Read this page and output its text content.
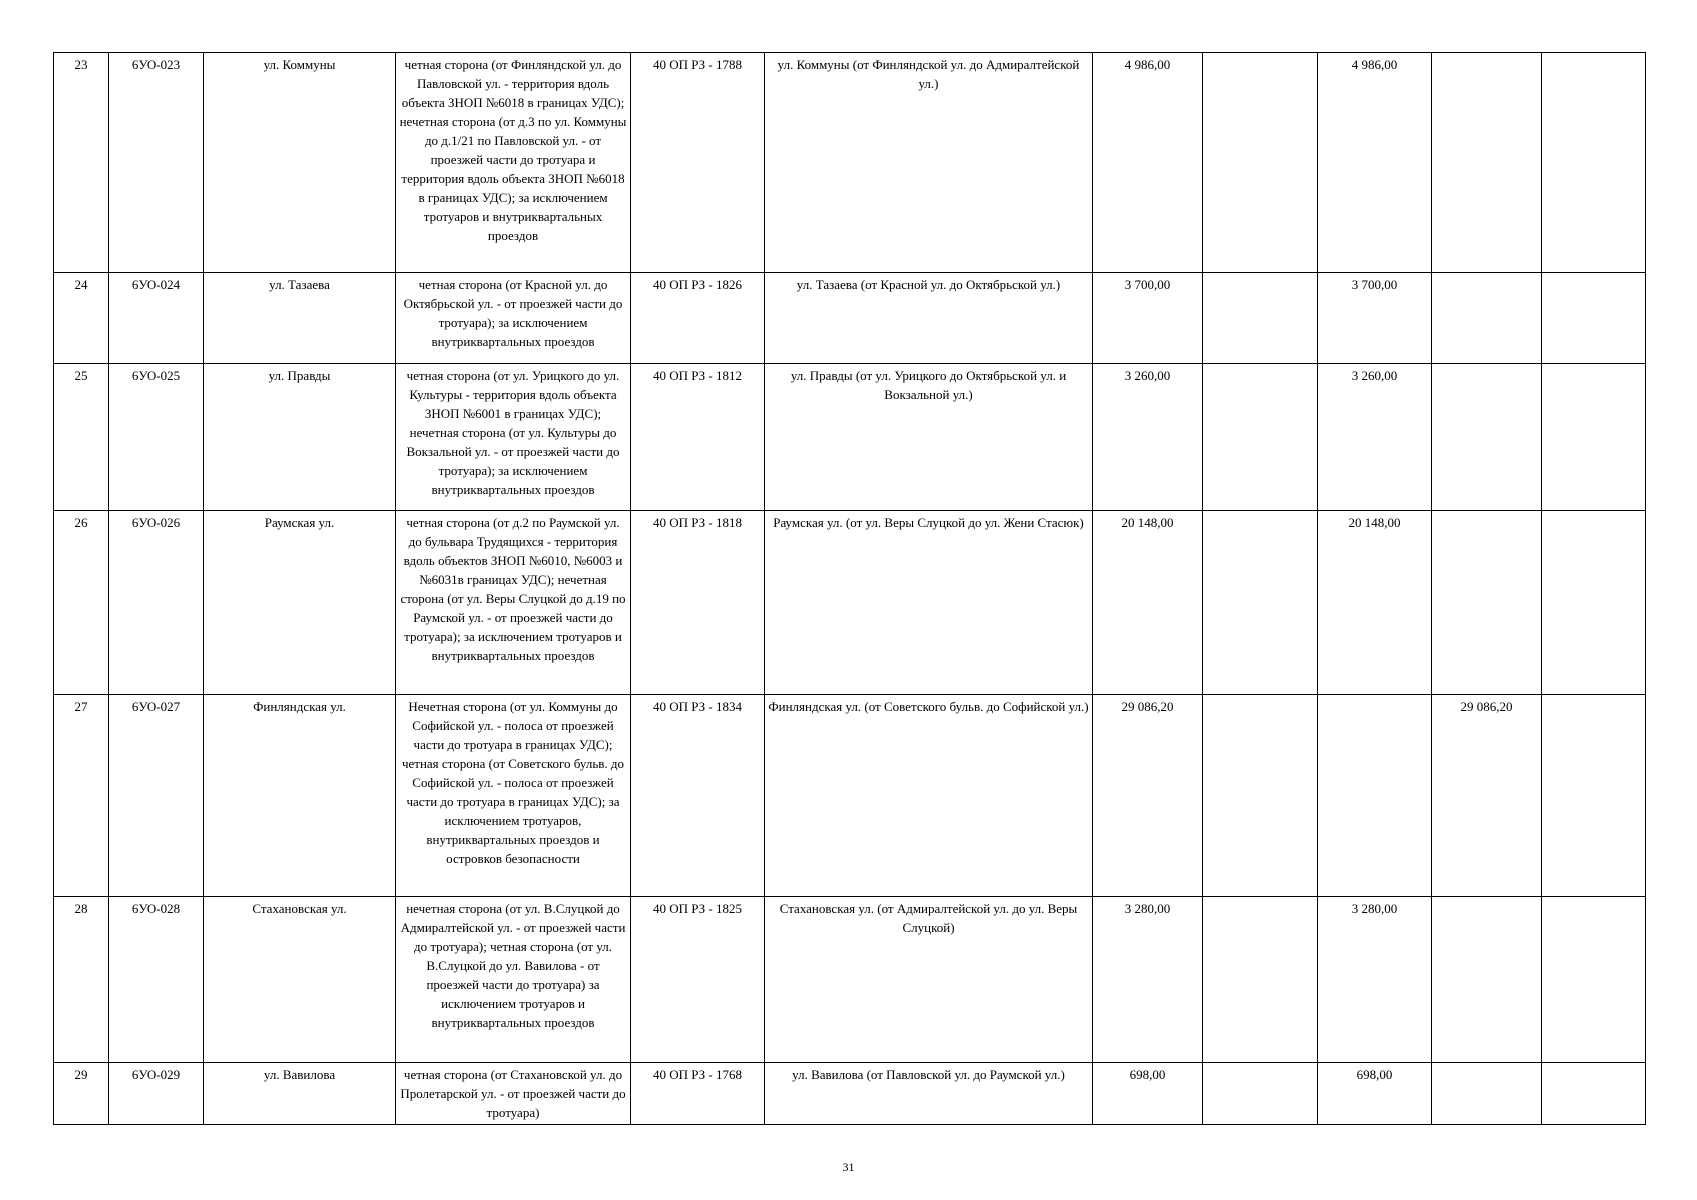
23	6УО-023	ул. Коммуны	четная сторона (от Финляндской ул. до Павловской ул. - территория вдоль объекта ЗНОП №6018 в границах УДС); нечетная сторона (от д.3 по ул. Коммуны до д.1/21 по Павловской ул. - от проезжей части до тротуара и территория вдоль объекта ЗНОП №6018 в границах УДС); за исключением тротуаров и внутриквартальных проездов	40 ОП РЗ - 1788	ул. Коммуны (от Финляндской ул. до Адмиралтейской ул.)	4 986,00		4 986,00		
24	6УО-024	ул. Тазаева	четная сторона (от Красной ул. до Октябрьской ул. - от проезжей части до тротуара); за исключением внутриквартальных проездов	40 ОП РЗ - 1826	ул. Тазаева (от Красной ул. до Октябрьской ул.)	3 700,00		3 700,00		
25	6УО-025	ул. Правды	четная сторона (от ул. Урицкого до ул. Культуры - территория вдоль объекта ЗНОП №6001 в границах УДС); нечетная сторона (от ул. Культуры до Вокзальной ул. - от проезжей части до тротуара); за исключением внутриквартальных проездов	40 ОП РЗ - 1812	ул. Правды (от ул. Урицкого до Октябрьской ул. и Вокзальной ул.)	3 260,00		3 260,00		
26	6УО-026	Раумская ул.	четная сторона (от д.2 по Раумской ул. до бульвара Трудящихся - территория вдоль объектов ЗНОП №6010, №6003 и №6031в границах УДС); нечетная сторона (от ул. Веры Слуцкой до д.19 по Раумской ул. - от проезжей части до тротуара); за исключением тротуаров и внутриквартальных проездов	40 ОП РЗ - 1818	Раумская ул. (от ул. Веры Слуцкой до ул. Жени Стасюк)	20 148,00		20 148,00		
27	6УО-027	Финляндская ул.	Нечетная сторона (от ул. Коммуны до Софийской ул. - полоса от проезжей части до тротуара в границах УДС); четная сторона (от Советского бульв. до Софийской ул. - полоса от проезжей части до тротуара в границах УДС); за исключением тротуаров, внутриквартальных проездов и островков безопасности	40 ОП РЗ - 1834	Финляндская ул. (от Советского бульв. до Софийской ул.)	29 086,20			29 086,20	
28	6УО-028	Стахановская ул.	нечетная сторона (от ул. В.Слуцкой до Адмиралтейской ул. - от проезжей части до тротуара); четная сторона (от ул. В.Слуцкой до ул. Вавилова - от проезжей части до тротуара) за исключением тротуаров и внутриквартальных проездов	40 ОП РЗ - 1825	Стахановская ул. (от Адмиралтейской ул. до ул. Веры Слуцкой)	3 280,00		3 280,00		
29	6УО-029	ул. Вавилова	четная сторона (от Стахановской ул. до Пролетарской ул. - от проезжей части до тротуара)	40 ОП РЗ - 1768	ул. Вавилова (от Павловской ул. до Раумской ул.)	698,00		698,00		
31
